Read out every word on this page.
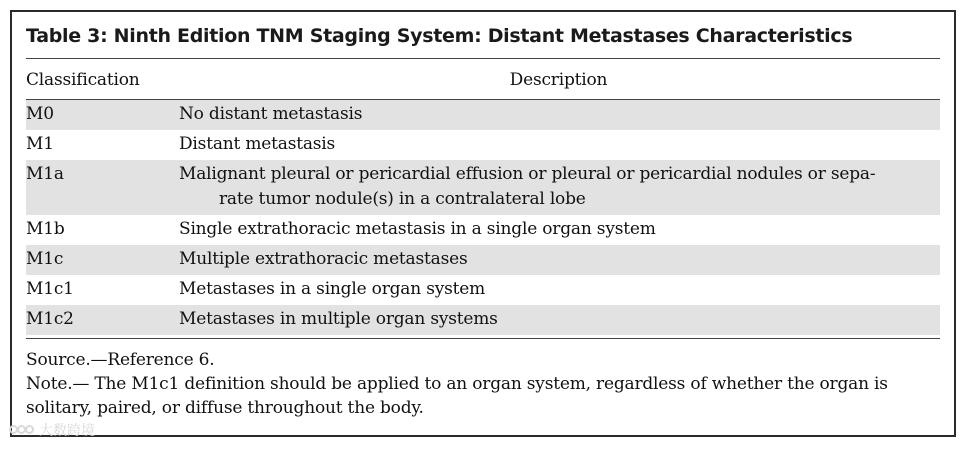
Table 3: Ninth Edition TNM Staging System: Distant Metastases Characteristics
Classification	Description
M0	No distant metastasis
M1	Distant metastasis
M1a	Malignant pleural or pericardial effusion or pleural or pericardial nodules or sepa-
rate tumor nodule(s) in a contralateral lobe
M1b	Single extrathoracic metastasis in a single organ system
M1c	Multiple extrathoracic metastases
M1c1	Metastases in a single organ system
M1c2	Metastases in multiple organ systems
Source.—Reference 6.
Note.— The M1c1 definition should be applied to an organ system, regardless of whether the organ is solitary, paired, or diffuse throughout the body.
大数跨境
